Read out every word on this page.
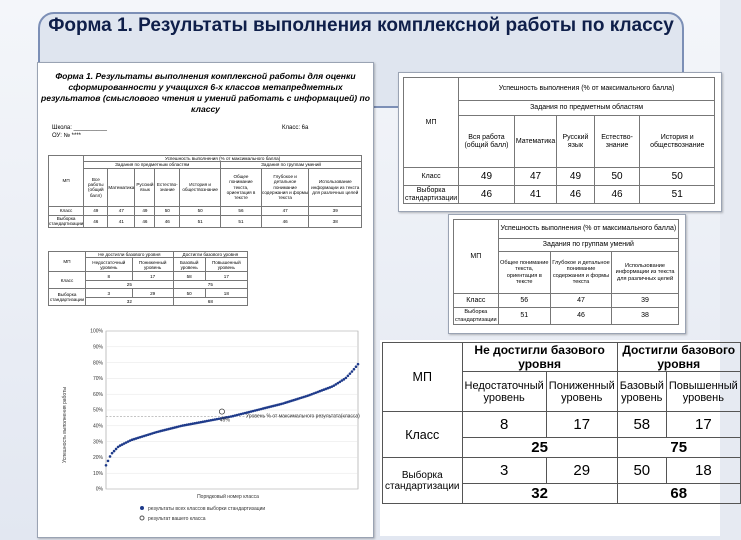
Форма 1. Результаты выполнения комплексной работы по классу
Форма 1. Результаты выполнения комплексной работы для оценки сформированности у учащихся 6-х классов метапредметных результатов (смыслового чтения и умений работать с информацией) по классу
Школа: __________
ОУ: № ****
Класс: 6а
МП	Успешность выполнения (% от максимального балла)							
	Задания по предметным областям					Задания по группам умений		
	Все работы (общий балл)	Математика	Русский язык	Естество-знание	История и обществознание	Общее понимание текста, ориентация в тексте	Глубокое и детальное понимание содержания и формы текста	Использование информации из текста для различных целей
Класс	49	47	49	50	50	56	47	39
Выборка стандартизации	46	41	46	46	51	51	46	38
МП	Не достигли базового уровня		Достигли базового уровня	
	Недостаточный уровень	Пониженный уровень	Базовый уровень	Повышенный уровень
Класс	8	17	58	17
	25		75	
Выборка стандартизации	3	29	50	18
	32		68	
Успешность выполнения работы
0%
10%
20%
30%
40%
50%
60%
70%
80%
90%
100%
49%
Уровень % от максимального результата(класса)
Порядковый номер класса
результаты всех классов выборки стандартизации
результат вашего класса
МП	Успешность выполнения (% от максимального балла)				
	Задания по предметным областям				
	Вся работа (общий балл)	Математика	Русский язык	Естество-знание	История и обществознание
Класс	49	47	49	50	50
Выборка стандартизации	46	41	46	46	51
МП	Успешность выполнения (% от максимального балла)		
	Задания по группам умений		
	Общее понимание текста, ориентация в тексте	Глубокое и детальное понимание содержания и формы текста	Использование информации из текста для различных целей
Класс	56	47	39
Выборка стандартизации	51	46	38
МП	Не достигли базового уровня		Достигли базового уровня	
	Недостаточный уровень	Пониженный уровень	Базовый уровень	Повышенный уровень
Класс	8	17	58	17
	25		75	
Выборка стандартизации	3	29	50	18
	32		68	
